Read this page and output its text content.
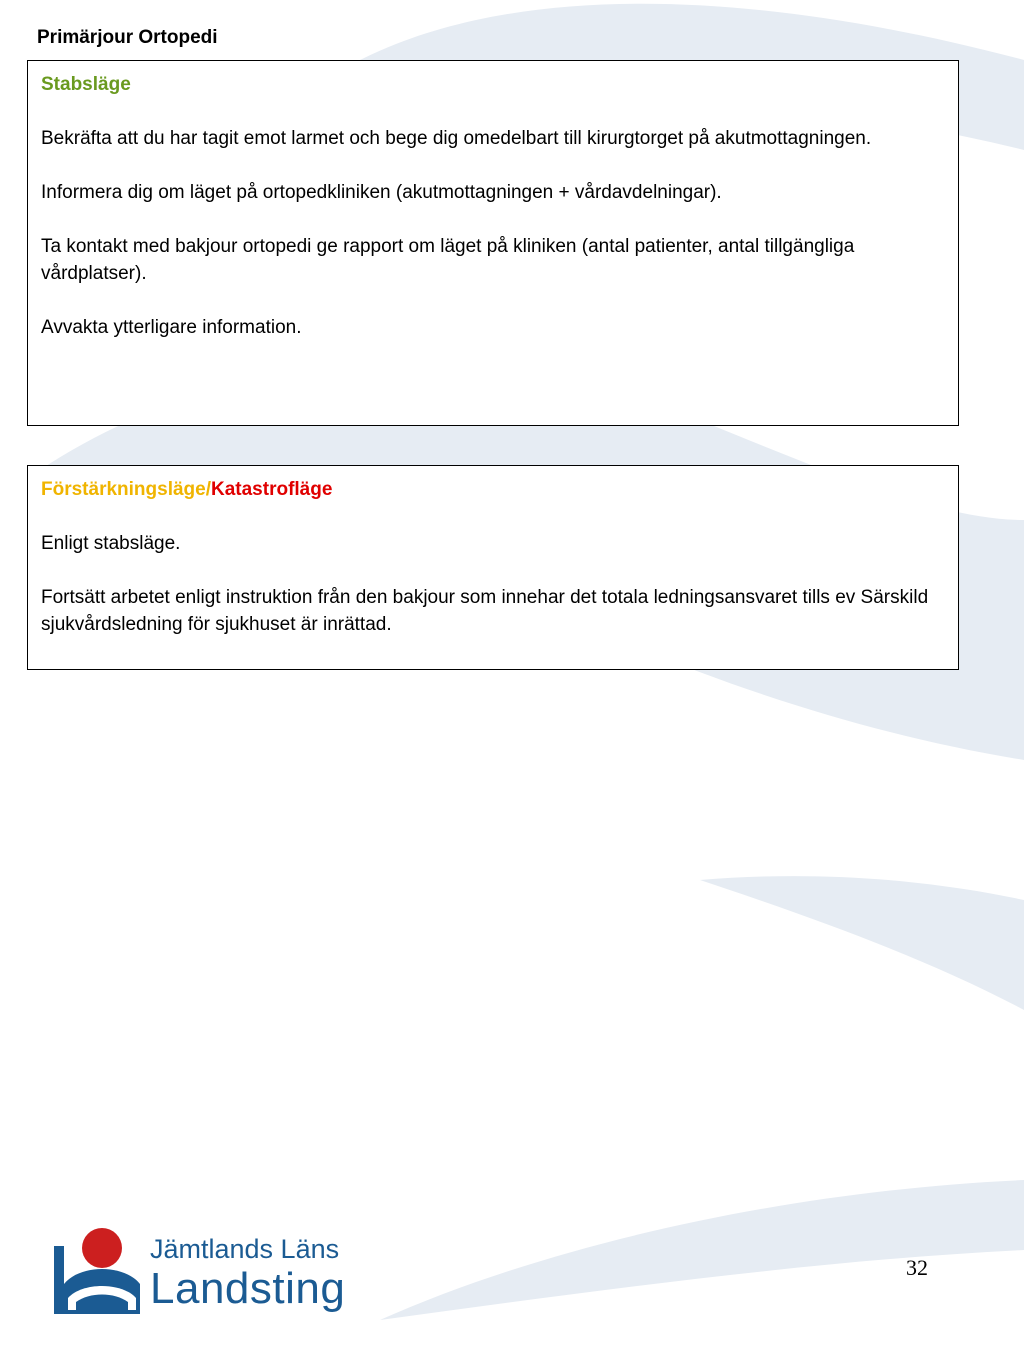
Primärjour Ortopedi
Stabsläge
Bekräfta att du har tagit emot larmet och bege dig omedelbart till kirurgtorget på akutmottagningen.
Informera dig om läget på ortopedkliniken (akutmottagningen + vårdavdelningar).
Ta kontakt med bakjour ortopedi ge rapport om läget på kliniken (antal patienter, antal tillgängliga vårdplatser).
Avvakta ytterligare information.
Förstärkningsläge/Katastrofläge
Enligt stabsläge.
Fortsätt arbetet enligt instruktion från den bakjour som innehar det totala ledningsansvaret tills ev Särskild sjukvårdsledning för sjukhuset är inrättad.
Jämtlands Läns
Landsting	32
